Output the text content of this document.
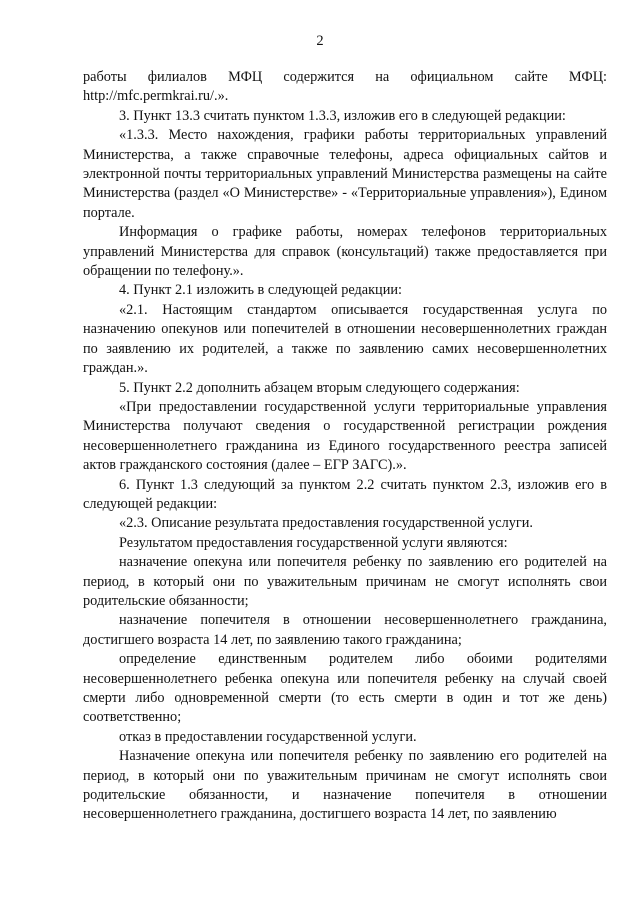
2

работы филиалов МФЦ содержится на официальном сайте МФЦ: http://mfc.permkrai.ru/.».

3. Пункт 13.3 считать пунктом 1.3.3, изложив его в следующей редакции:

«1.3.3. Место нахождения, графики работы территориальных управлений Министерства, а также справочные телефоны, адреса официальных сайтов и электронной почты территориальных управлений Министерства размещены на сайте Министерства (раздел «О Министерстве» - «Территориальные управления»), Едином портале.

Информация о графике работы, номерах телефонов территориальных управлений Министерства для справок (консультаций) также предоставляется при обращении по телефону.».

4. Пункт 2.1 изложить в следующей редакции:

«2.1. Настоящим стандартом описывается государственная услуга по назначению опекунов или попечителей в отношении несовершеннолетних граждан по заявлению их родителей, а также по заявлению самих несовершеннолетних граждан.».

5. Пункт 2.2 дополнить абзацем вторым следующего содержания:

«При предоставлении государственной услуги территориальные управления Министерства получают сведения о государственной регистрации рождения несовершеннолетнего гражданина из Единого государственного реестра записей актов гражданского состояния (далее – ЕГР ЗАГС).».

6. Пункт 1.3 следующий за пунктом 2.2 считать пунктом 2.3, изложив его в следующей редакции:

«2.3. Описание результата предоставления государственной услуги.

Результатом предоставления государственной услуги являются:

назначение опекуна или попечителя ребенку по заявлению его родителей на период, в который они по уважительным причинам не смогут исполнять свои родительские обязанности;

назначение попечителя в отношении несовершеннолетнего гражданина, достигшего возраста 14 лет, по заявлению такого гражданина;

определение единственным родителем либо обоими родителями несовершеннолетнего ребенка опекуна или попечителя ребенку на случай своей смерти либо одновременной смерти (то есть смерти в один и тот же день) соответственно;

отказ в предоставлении государственной услуги.

Назначение опекуна или попечителя ребенку по заявлению его родителей на период, в который они по уважительным причинам не смогут исполнять свои родительские обязанности, и назначение попечителя в отношении несовершеннолетнего гражданина, достигшего возраста 14 лет, по заявлению
